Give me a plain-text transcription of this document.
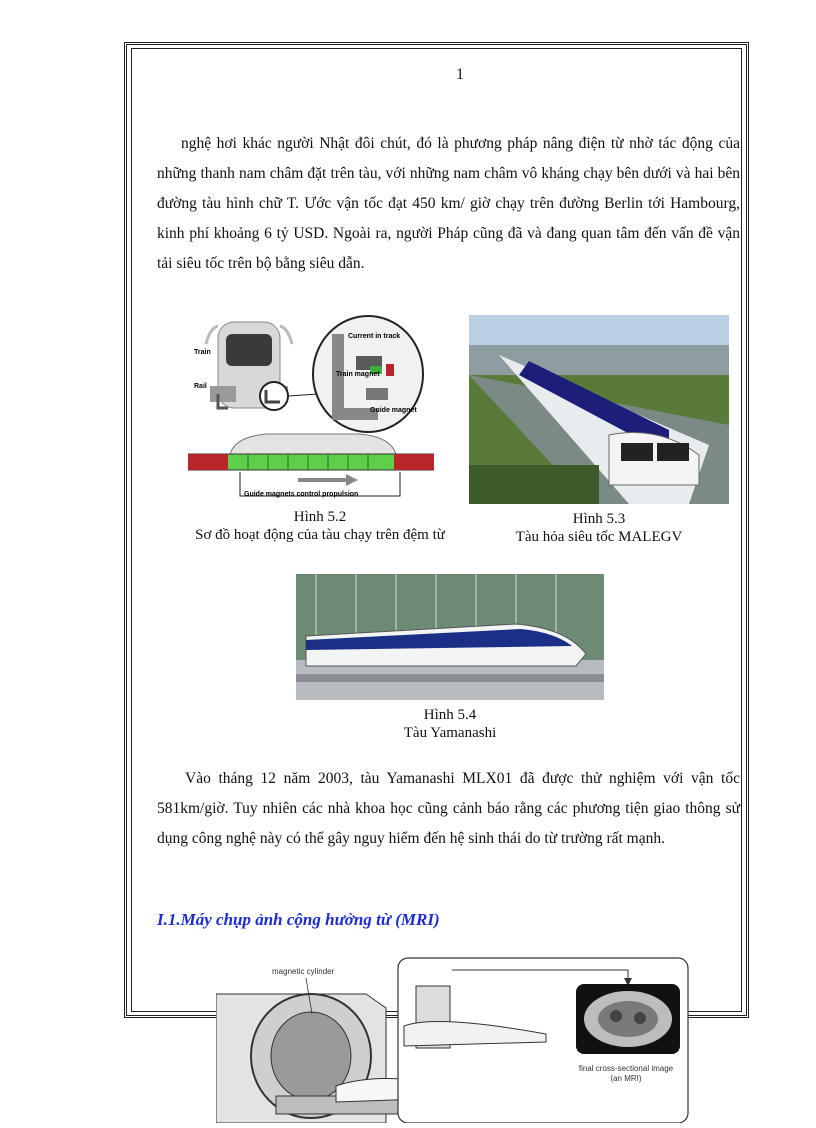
1

nghệ hơi khác người Nhật đôi chút, đó là phương pháp nâng điện từ nhờ tác động của những thanh nam châm đặt trên tàu, với những nam châm vô kháng chạy bên dưới và hai bên đường tàu hình chữ T. Ước vận tốc đạt 450 km/ giờ chạy trên đường Berlin tới Hambourg, kinh phí khoảng 6 tỷ USD. Ngoài ra, người Pháp cũng đã và đang quan tâm đến vấn đề vận tải siêu tốc trên bộ bằng siêu dẫn.

Current in track
Train magnet
Guide magnet
Train
Rail
Guide magnets control propulsion
Hình 5.2
Sơ đồ hoạt động của tàu chạy trên đệm từ
Hình 5.3
Tàu hỏa siêu tốc MALEGV
Hình 5.4
Tàu Yamanashi

Vào tháng 12 năm 2003, tàu Yamanashi MLX01 đã được thử nghiệm với vận tốc 581km/giờ. Tuy nhiên các nhà khoa học cũng cảnh báo rằng các phương tiện giao thông sử dụng công nghệ này có thể gây nguy hiểm đến hệ sinh thái do từ trường rất mạnh.

I.1.Máy chụp ảnh cộng hưởng từ (MRI)
magnetic cylinder
final cross-sectional image
(an MRI)
